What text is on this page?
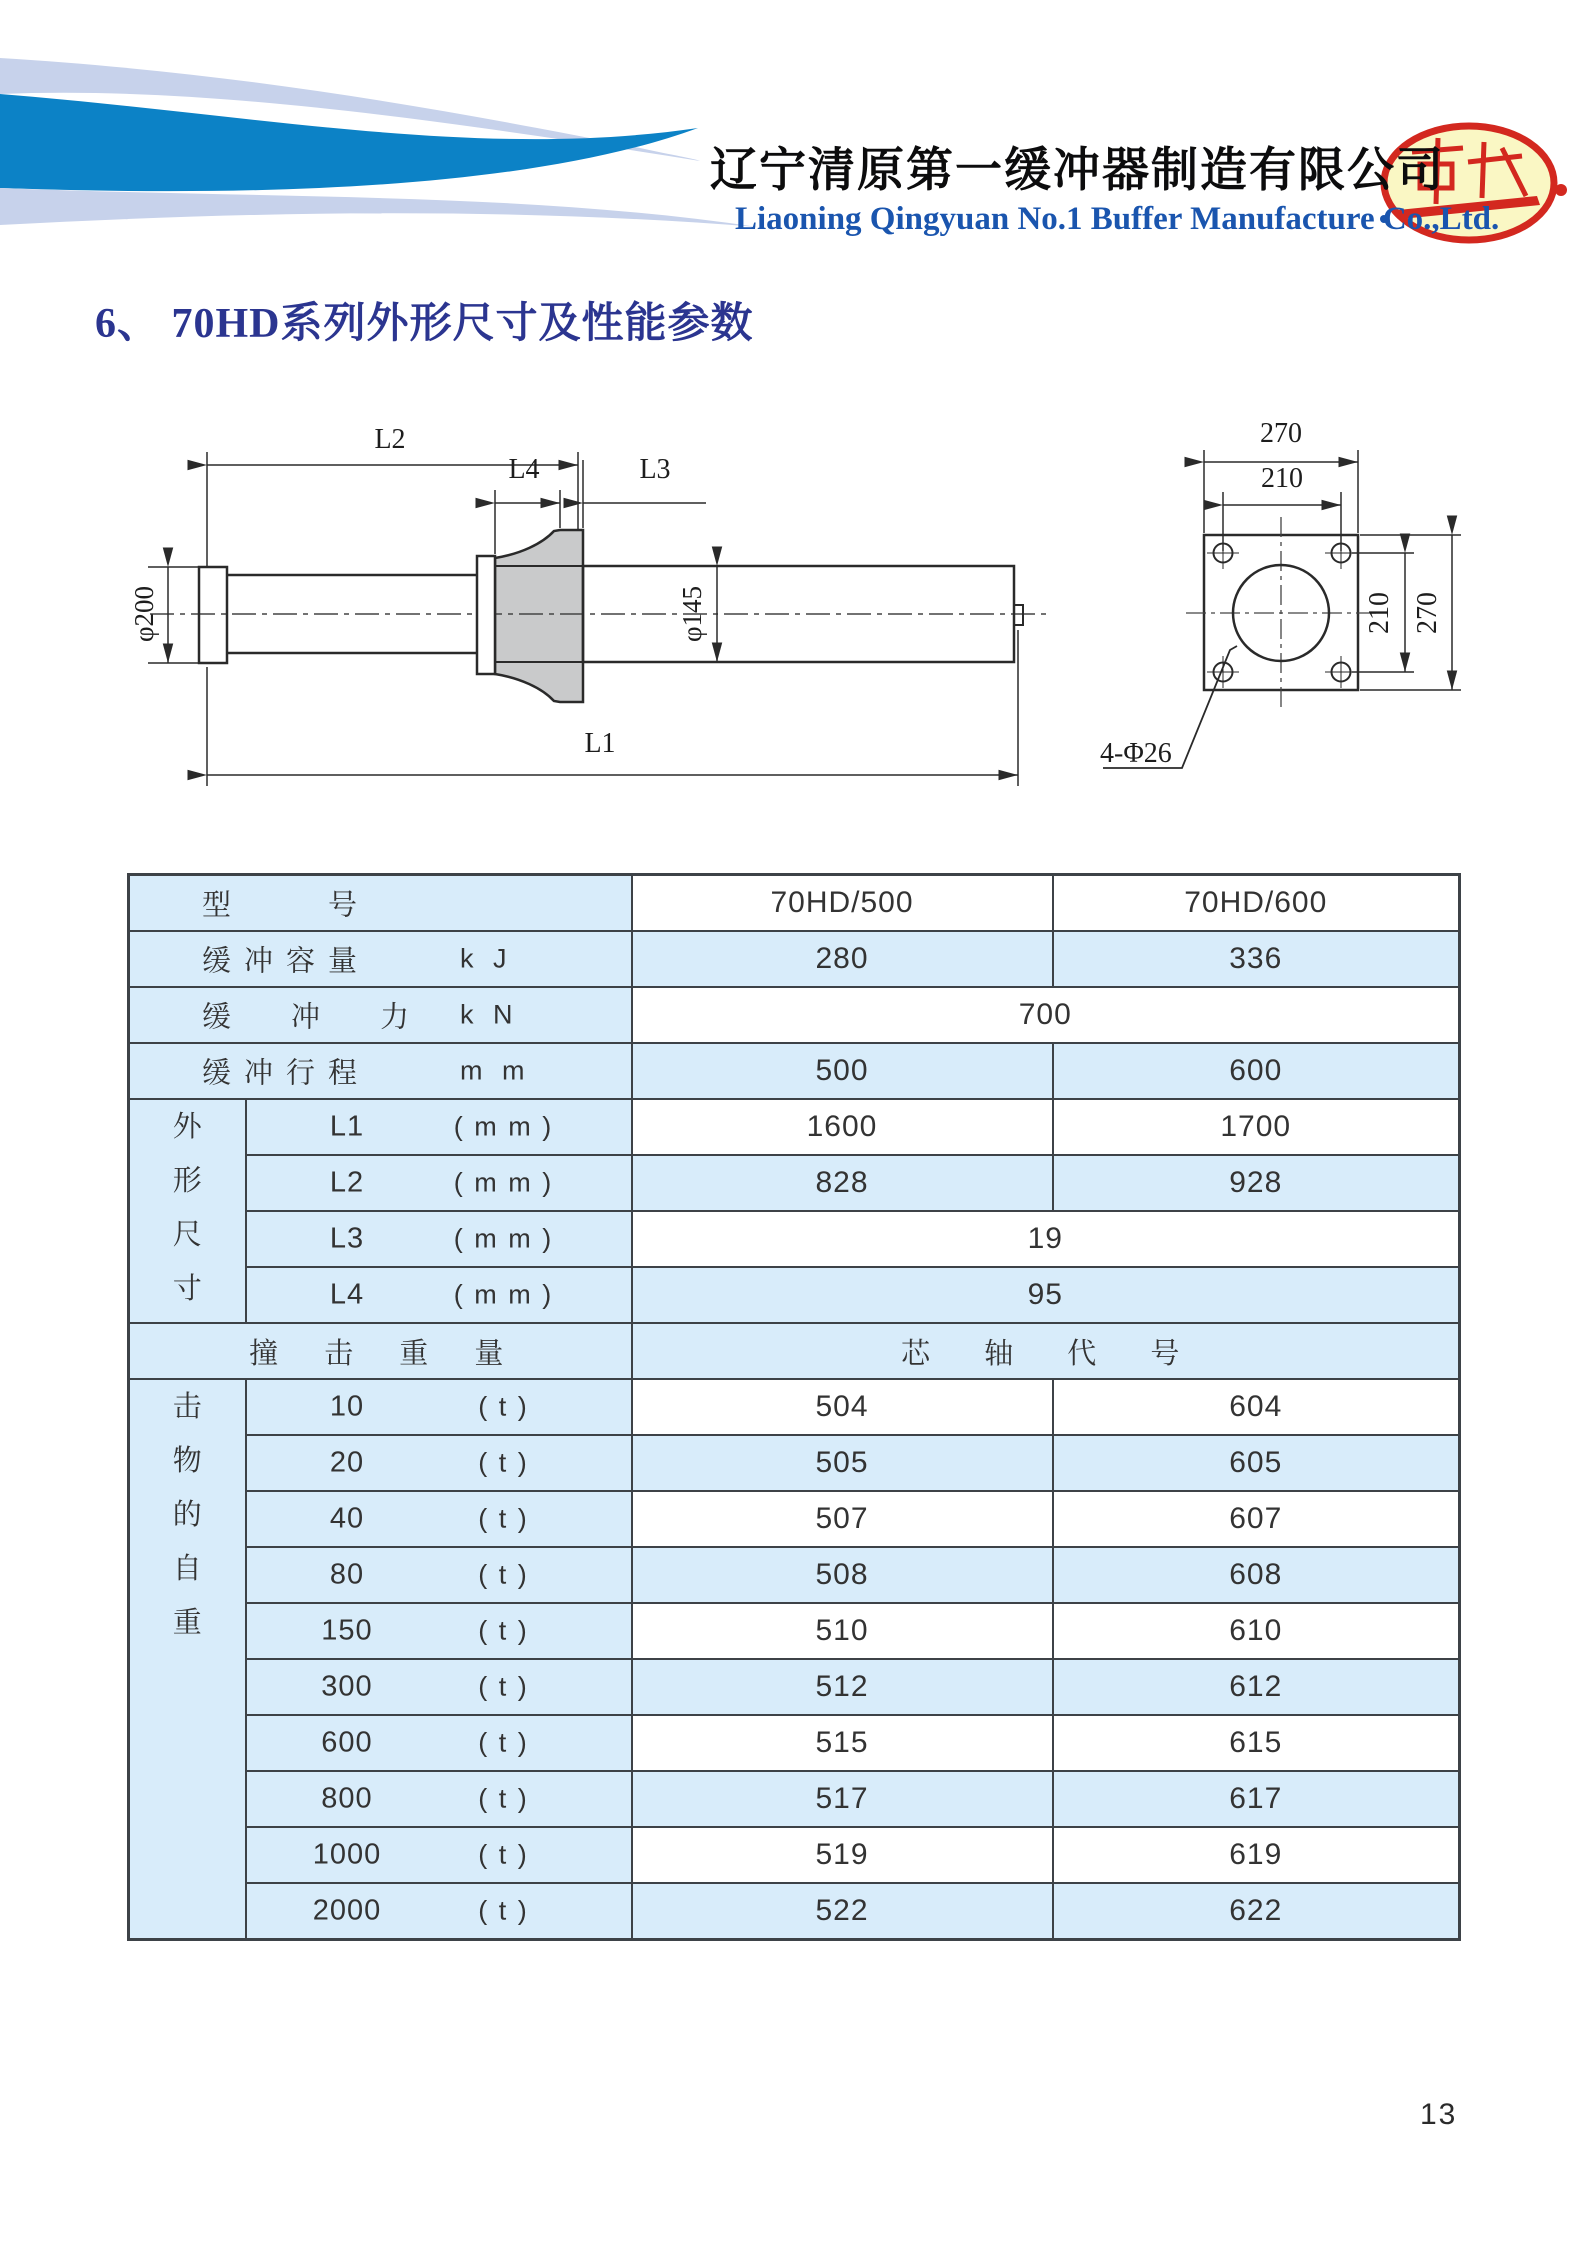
辽宁清原第一缓冲器制造有限公司
Liaoning Qingyuan No.1 Buffer Manufacture Co.,Ltd.
6、 70HD系列外形尺寸及性能参数
φ200	φ145
L2
L4	L3
L1
270
210
210 270
4-Φ26
型　　号		70HD/500	70HD/600

缓冲容量 k J		280	336

缓 冲 力 k N		700	

缓冲行程 m m		500	600

外形尺寸	L1 ( m m )	1600	1700

	L2 ( m m )	828	928

	L3 ( m m )	19	

	L4 ( m m )	95	
撞 击 重 量		芯 轴 代 号	

击物的自重	10 ( t )	504	604

	20 ( t )	505	605

	40 ( t )	507	607

	80 ( t )	508	608

	150 ( t )	510	610

	300 ( t )	512	612

	600 ( t )	515	615

	800 ( t )	517	617

	1000 ( t )	519	619

	2000 ( t )	522	622
13
